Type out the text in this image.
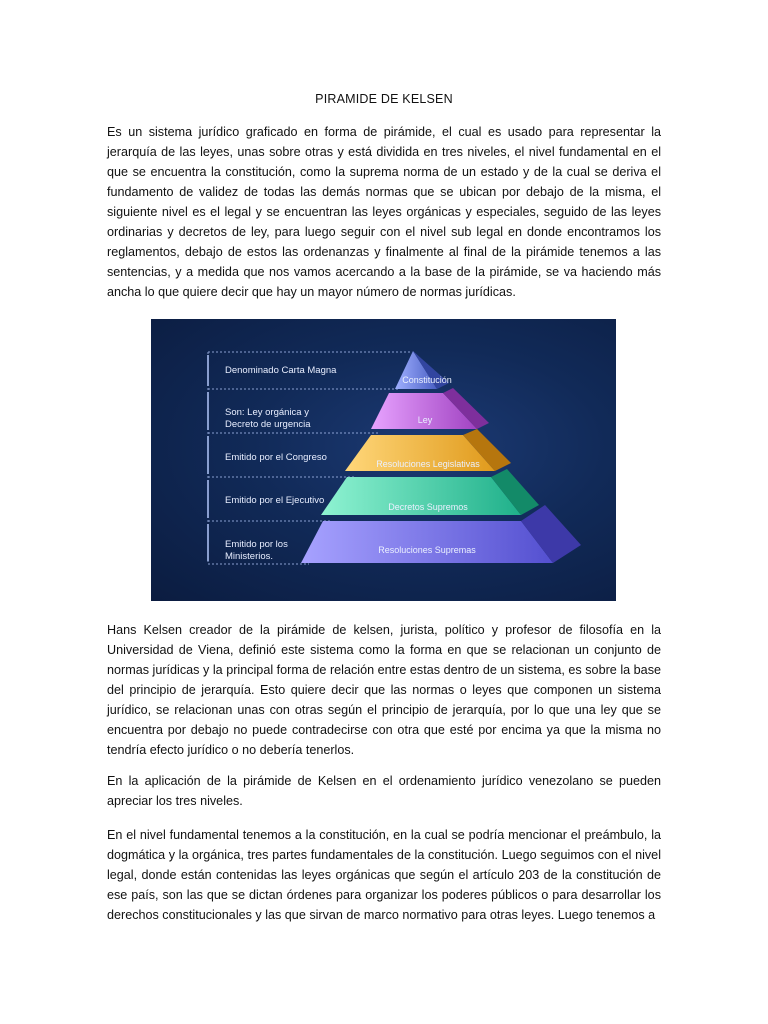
PIRAMIDE DE KELSEN

Es un sistema jurídico graficado en forma de pirámide, el cual es usado para representar la jerarquía de las leyes, unas sobre otras y está dividida en tres niveles, el nivel fundamental en el que se encuentra la constitución, como la suprema norma de un estado y de la cual se deriva el fundamento de validez de todas las demás normas que se ubican por debajo de la misma, el siguiente nivel es el legal y se encuentran las leyes orgánicas y especiales, seguido de las leyes ordinarias y decretos de ley, para luego seguir con el nivel sub legal en donde encontramos los reglamentos, debajo de estos las ordenanzas y finalmente al final de la pirámide tenemos a las sentencias, y a medida que nos vamos acercando a la base de la pirámide, se va haciendo más ancha lo que quiere decir que hay un mayor número de normas jurídicas.

Constitución
Ley
Resoluciones Legislativas
Decretos Supremos
Resoluciones Supremas
Denominado Carta Magna
Son: Ley orgánica y
Decreto de urgencia
Emitido por el Congreso
Emitido por el Ejecutivo
Emitido por los
Ministerios.

Hans Kelsen creador de la pirámide de kelsen, jurista, político y profesor de filosofía en la Universidad de Viena, definió este sistema como la forma en que se relacionan un conjunto de normas jurídicas y la principal forma de relación entre estas dentro de un sistema, es sobre la base del principio de jerarquía. Esto quiere decir que las normas o leyes que componen un sistema jurídico, se relacionan unas con otras según el principio de jerarquía, por lo que una ley que se encuentra por debajo no puede contradecirse con otra que esté por encima ya que la misma no tendría efecto jurídico o no debería tenerlos.

En la aplicación de la pirámide de Kelsen en el ordenamiento jurídico venezolano se pueden apreciar los tres niveles.

En el nivel fundamental tenemos a la constitución, en la cual se podría mencionar el preámbulo, la dogmática y la orgánica, tres partes fundamentales de la constitución. Luego seguimos con el nivel legal, donde están contenidas las leyes orgánicas que según el artículo 203 de la constitución de ese país, son las que se dictan órdenes para organizar los poderes públicos o para desarrollar los derechos constitucionales y las que sirvan de marco normativo para otras leyes. Luego tenemos a
